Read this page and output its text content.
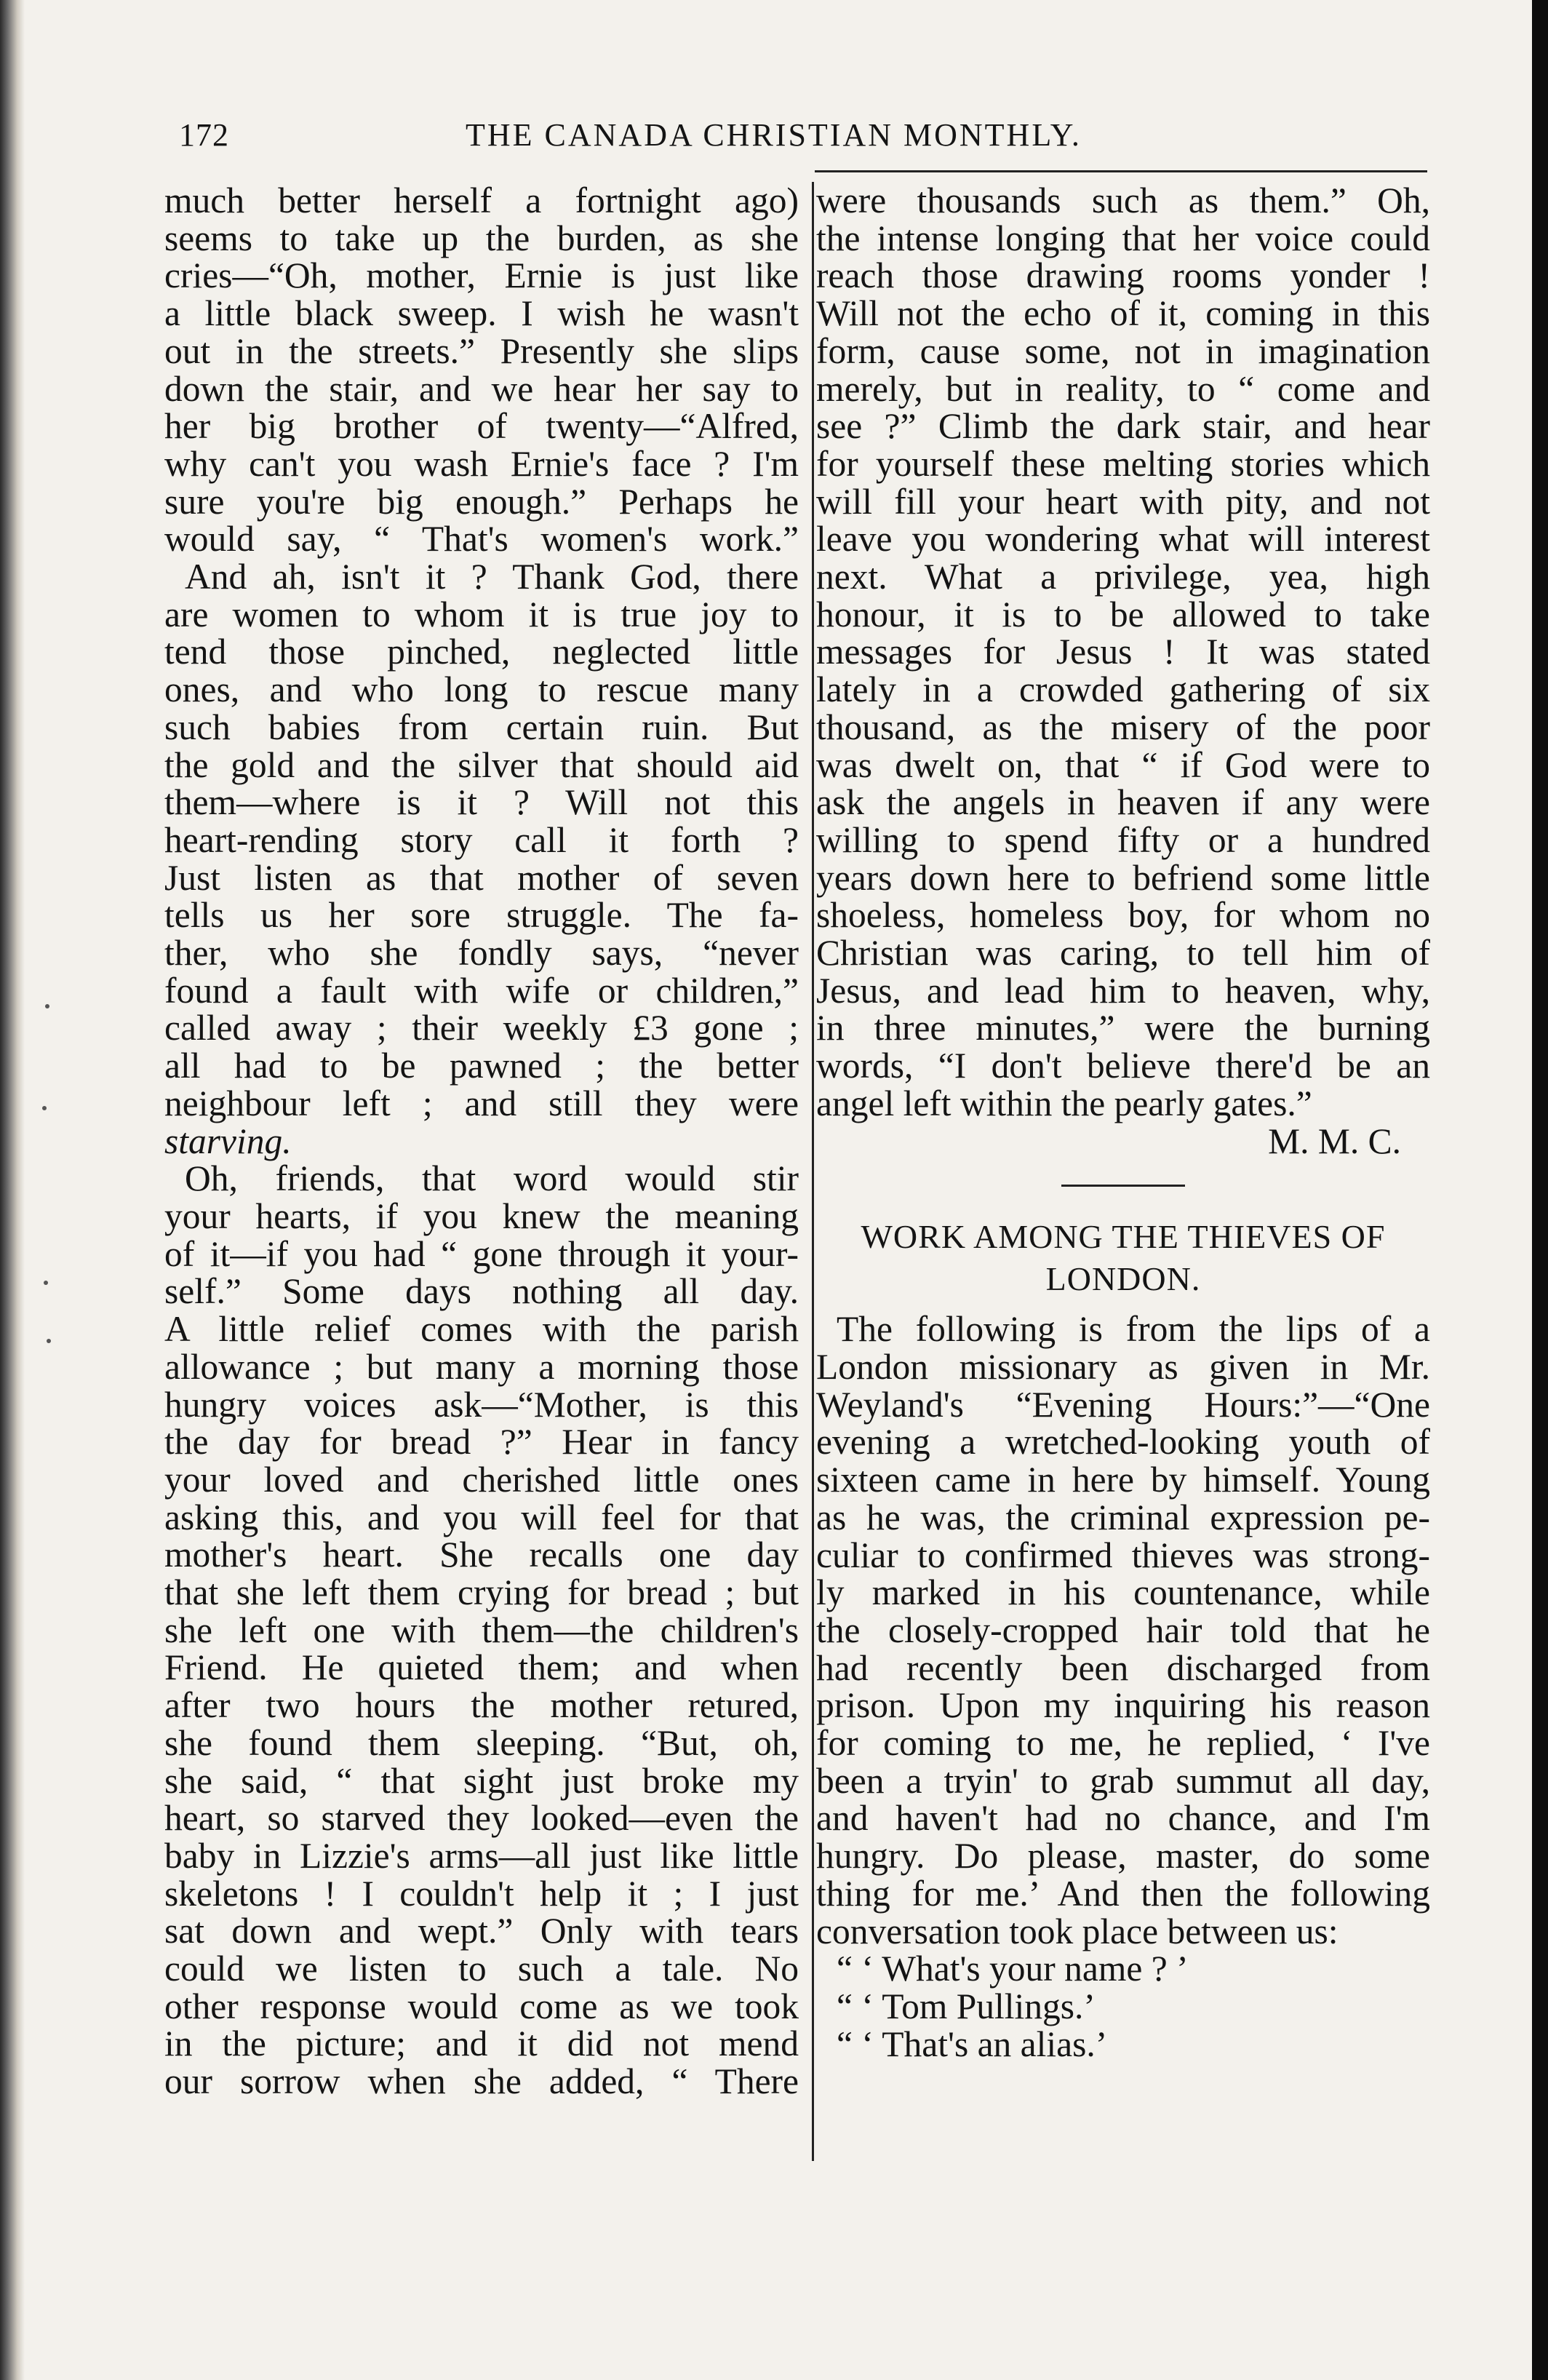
172	THE CANADA CHRISTIAN MONTHLY.
much better herself a fortnight ago)
seems to take up the burden, as she
cries—“Oh, mother, Ernie is just like
a little black sweep. I wish he wasn't
out in the streets.” Presently she slips
down the stair, and we hear her say to
her big brother of twenty—“Alfred,
why can't you wash Ernie's face ? I'm
sure you're big enough.” Perhaps he
would say, “ That's women's work.”
And ah, isn't it ? Thank God, there
are women to whom it is true joy to
tend those pinched, neglected little
ones, and who long to rescue many
such babies from certain ruin. But
the gold and the silver that should aid
them—where is it ? Will not this
heart-rending story call it forth ?
Just listen as that mother of seven
tells us her sore struggle. The fa-
ther, who she fondly says, “never
found a fault with wife or children,”
called away ; their weekly £3 gone ;
all had to be pawned ; the better
neighbour left ; and still they were
starving.
Oh, friends, that word would stir
your hearts, if you knew the meaning
of it—if you had “ gone through it your-
self.” Some days nothing all day.
A little relief comes with the parish
allowance ; but many a morning those
hungry voices ask—“Mother, is this
the day for bread ?” Hear in fancy
your loved and cherished little ones
asking this, and you will feel for that
mother's heart. She recalls one day
that she left them crying for bread ; but
she left one with them—the children's
Friend. He quieted them; and when
after two hours the mother retured,
she found them sleeping. “But, oh,
she said, “ that sight just broke my
heart, so starved they looked—even the
baby in Lizzie's arms—all just like little
skeletons ! I couldn't help it ; I just
sat down and wept.” Only with tears
could we listen to such a tale. No
other response would come as we took
in the picture; and it did not mend
our sorrow when she added, “ There
were thousands such as them.” Oh,
the intense longing that her voice could
reach those drawing rooms yonder !
Will not the echo of it, coming in this
form, cause some, not in imagination
merely, but in reality, to “ come and
see ?” Climb the dark stair, and hear
for yourself these melting stories which
will fill your heart with pity, and not
leave you wondering what will interest
next. What a privilege, yea, high
honour, it is to be allowed to take
messages for Jesus ! It was stated
lately in a crowded gathering of six
thousand, as the misery of the poor
was dwelt on, that “ if God were to
ask the angels in heaven if any were
willing to spend fifty or a hundred
years down here to befriend some little
shoeless, homeless boy, for whom no
Christian was caring, to tell him of
Jesus, and lead him to heaven, why,
in three minutes,” were the burning
words, “I don't believe there'd be an
angel left within the pearly gates.”
M. M. C.
WORK AMONG THE THIEVES OF
LONDON.
The following is from the lips of a
London missionary as given in Mr.
Weyland's “Evening Hours:”—“One
evening a wretched-looking youth of
sixteen came in here by himself. Young
as he was, the criminal expression pe-
culiar to confirmed thieves was strong-
ly marked in his countenance, while
the closely-cropped hair told that he
had recently been discharged from
prison. Upon my inquiring his reason
for coming to me, he replied, ‘ I've
been a tryin' to grab summut all day,
and haven't had no chance, and I'm
hungry. Do please, master, do some
thing for me.’ And then the following
conversation took place between us:
“ ‘ What's your name ? ’
“ ‘ Tom Pullings.’
“ ‘ That's an alias.’
